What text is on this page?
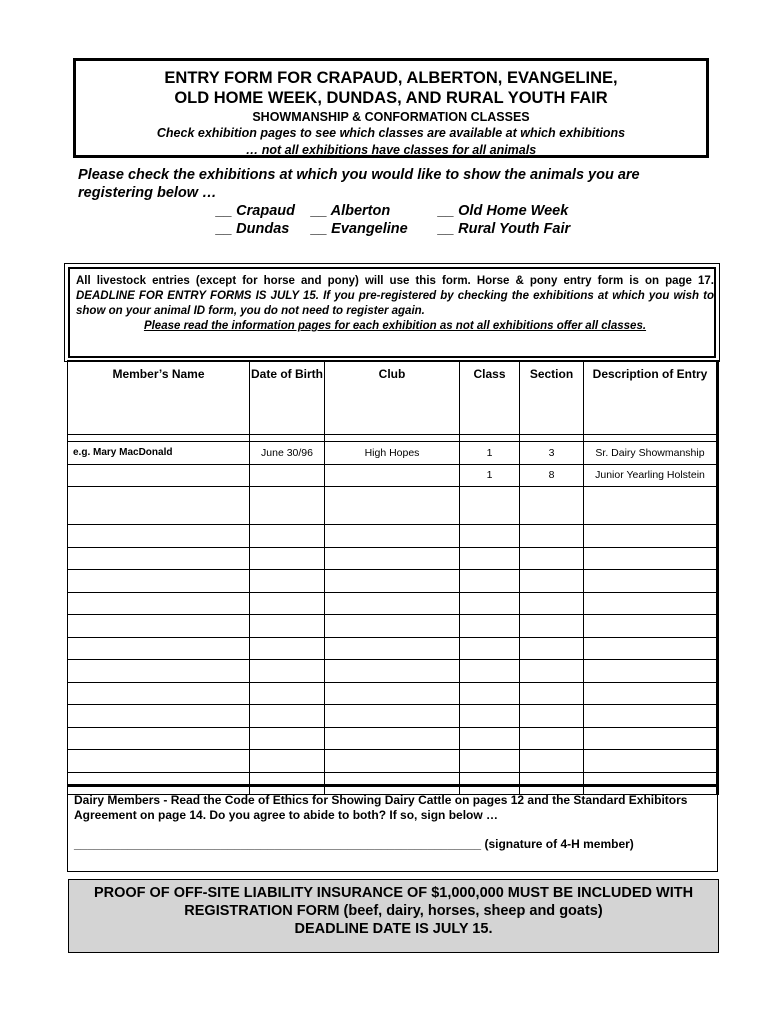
ENTRY FORM FOR CRAPAUD, ALBERTON, EVANGELINE,
OLD HOME WEEK, DUNDAS, AND RURAL YOUTH FAIR
SHOWMANSHIP & CONFORMATION CLASSES
Check exhibition pages to see which classes are available at which exhibitions
… not all exhibitions have classes for all animals
Please check the exhibitions at which you would like to show the animals you are
registering below …
__ Crapaud __ Alberton	__ Old Home Week
__ Dundas __ Evangeline __ Rural Youth Fair
All livestock entries (except for horse and pony) will use this form. Horse & pony entry form is on page 17. DEADLINE FOR ENTRY FORMS IS JULY 15. If you pre-registered by checking the exhibitions at which you wish to show on your animal ID form, you do not need to register again.
Please read the information pages for each exhibition as not all exhibitions offer all classes.
Member’s Name	Date of Birth	Club	Class	Section	Description of Entry

e.g. Mary MacDonald	June 30/96	High Hopes	1	3	Sr. Dairy Showmanship
			1	8	Junior Yearling Holstein

Dairy Members - Read the Code of Ethics for Showing Dairy Cattle on pages 12 and the Standard Exhibitors Agreement on page 14. Do you agree to abide to both? If so, sign below …
_____________________________________________________________ (signature of 4-H member)
PROOF OF OFF-SITE LIABILITY INSURANCE OF $1,000,000 MUST BE INCLUDED WITH
REGISTRATION FORM (beef, dairy, horses, sheep and goats)
DEADLINE DATE IS JULY 15.
